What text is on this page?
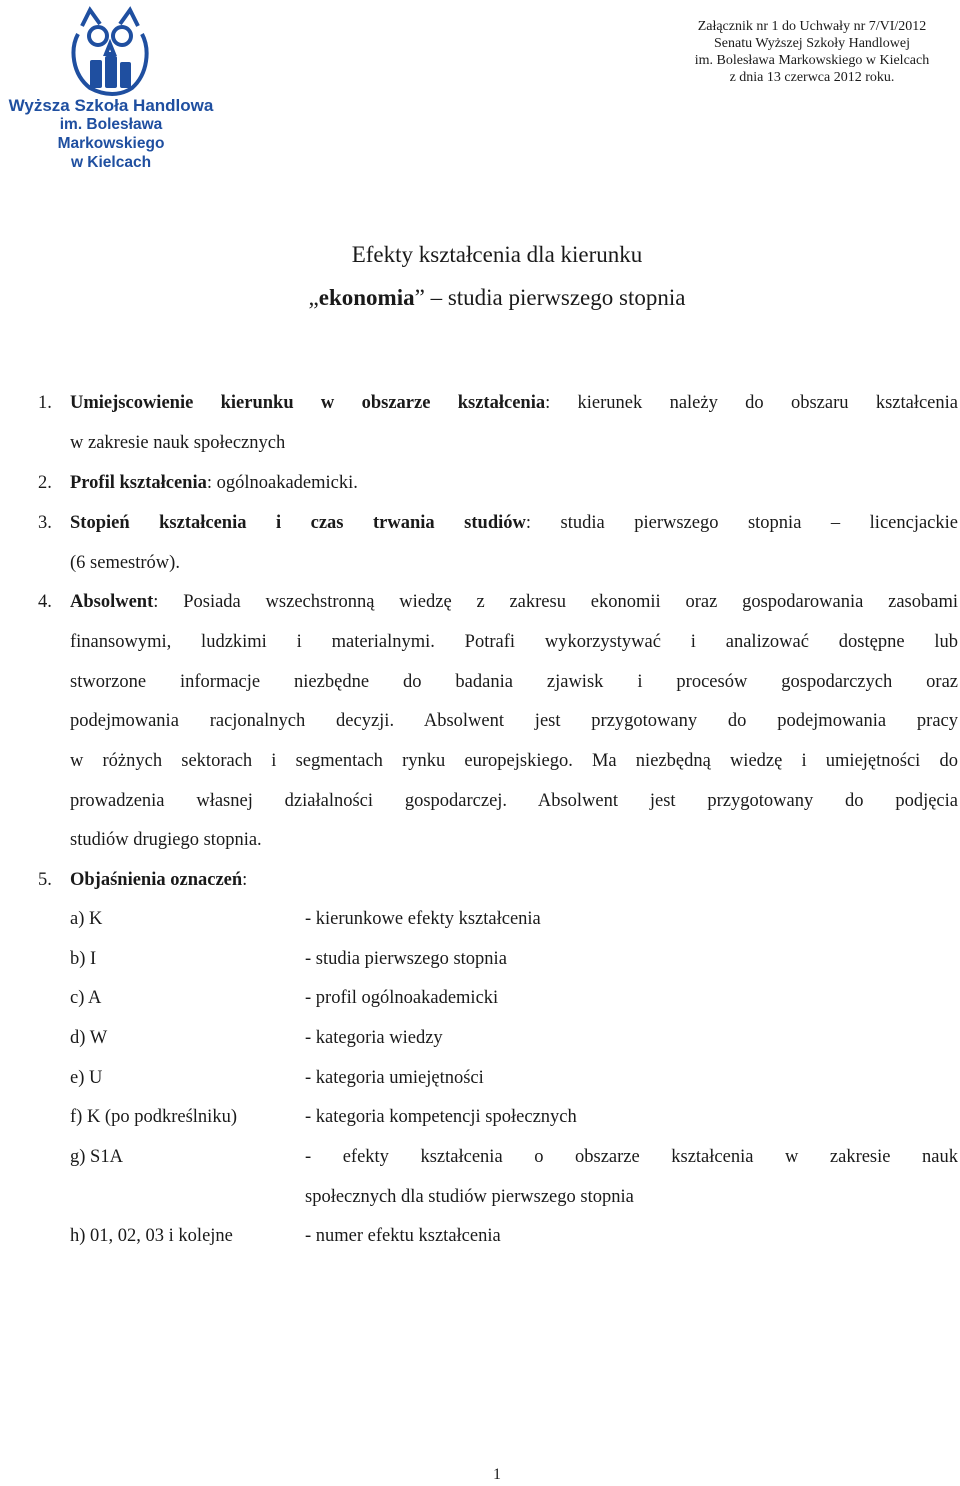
Wyższa Szkoła Handlowa
im. Bolesława Markowskiego
w Kielcach
Załącznik nr 1 do Uchwały nr 7/VI/2012
Senatu Wyższej Szkoły Handlowej
im. Bolesława Markowskiego w Kielcach
z dnia 13 czerwca 2012 roku.
Efekty kształcenia dla kierunku
„ekonomia” – studia pierwszego stopnia
1. Umiejscowienie kierunku w obszarze kształcenia: kierunek należy do obszaru kształcenia
w zakresie nauk społecznych
2. Profil kształcenia: ogólnoakademicki.
3. Stopień kształcenia i czas trwania studiów: studia pierwszego stopnia – licencjackie
(6 semestrów).
4. Absolwent: Posiada wszechstronną wiedzę z zakresu ekonomii oraz gospodarowania zasobami
finansowymi, ludzkimi i materialnymi. Potrafi wykorzystywać i analizować dostępne lub
stworzone informacje niezbędne do badania zjawisk i procesów gospodarczych oraz
podejmowania racjonalnych decyzji. Absolwent jest przygotowany do podejmowania pracy
w różnych sektorach i segmentach rynku europejskiego. Ma niezbędną wiedzę i umiejętności do
prowadzenia własnej działalności gospodarczej. Absolwent jest przygotowany do podjęcia
studiów drugiego stopnia.
5. Objaśnienia oznaczeń:
a) K	- kierunkowe efekty kształcenia
b) I	- studia pierwszego stopnia
c) A	- profil ogólnoakademicki
d) W	- kategoria wiedzy
e) U	- kategoria umiejętności
f) K (po podkreślniku)	- kategoria kompetencji społecznych
g) S1A	- efekty kształcenia o obszarze kształcenia w zakresie nauk
społecznych dla studiów pierwszego stopnia
h) 01, 02, 03 i kolejne	- numer efektu kształcenia
1
